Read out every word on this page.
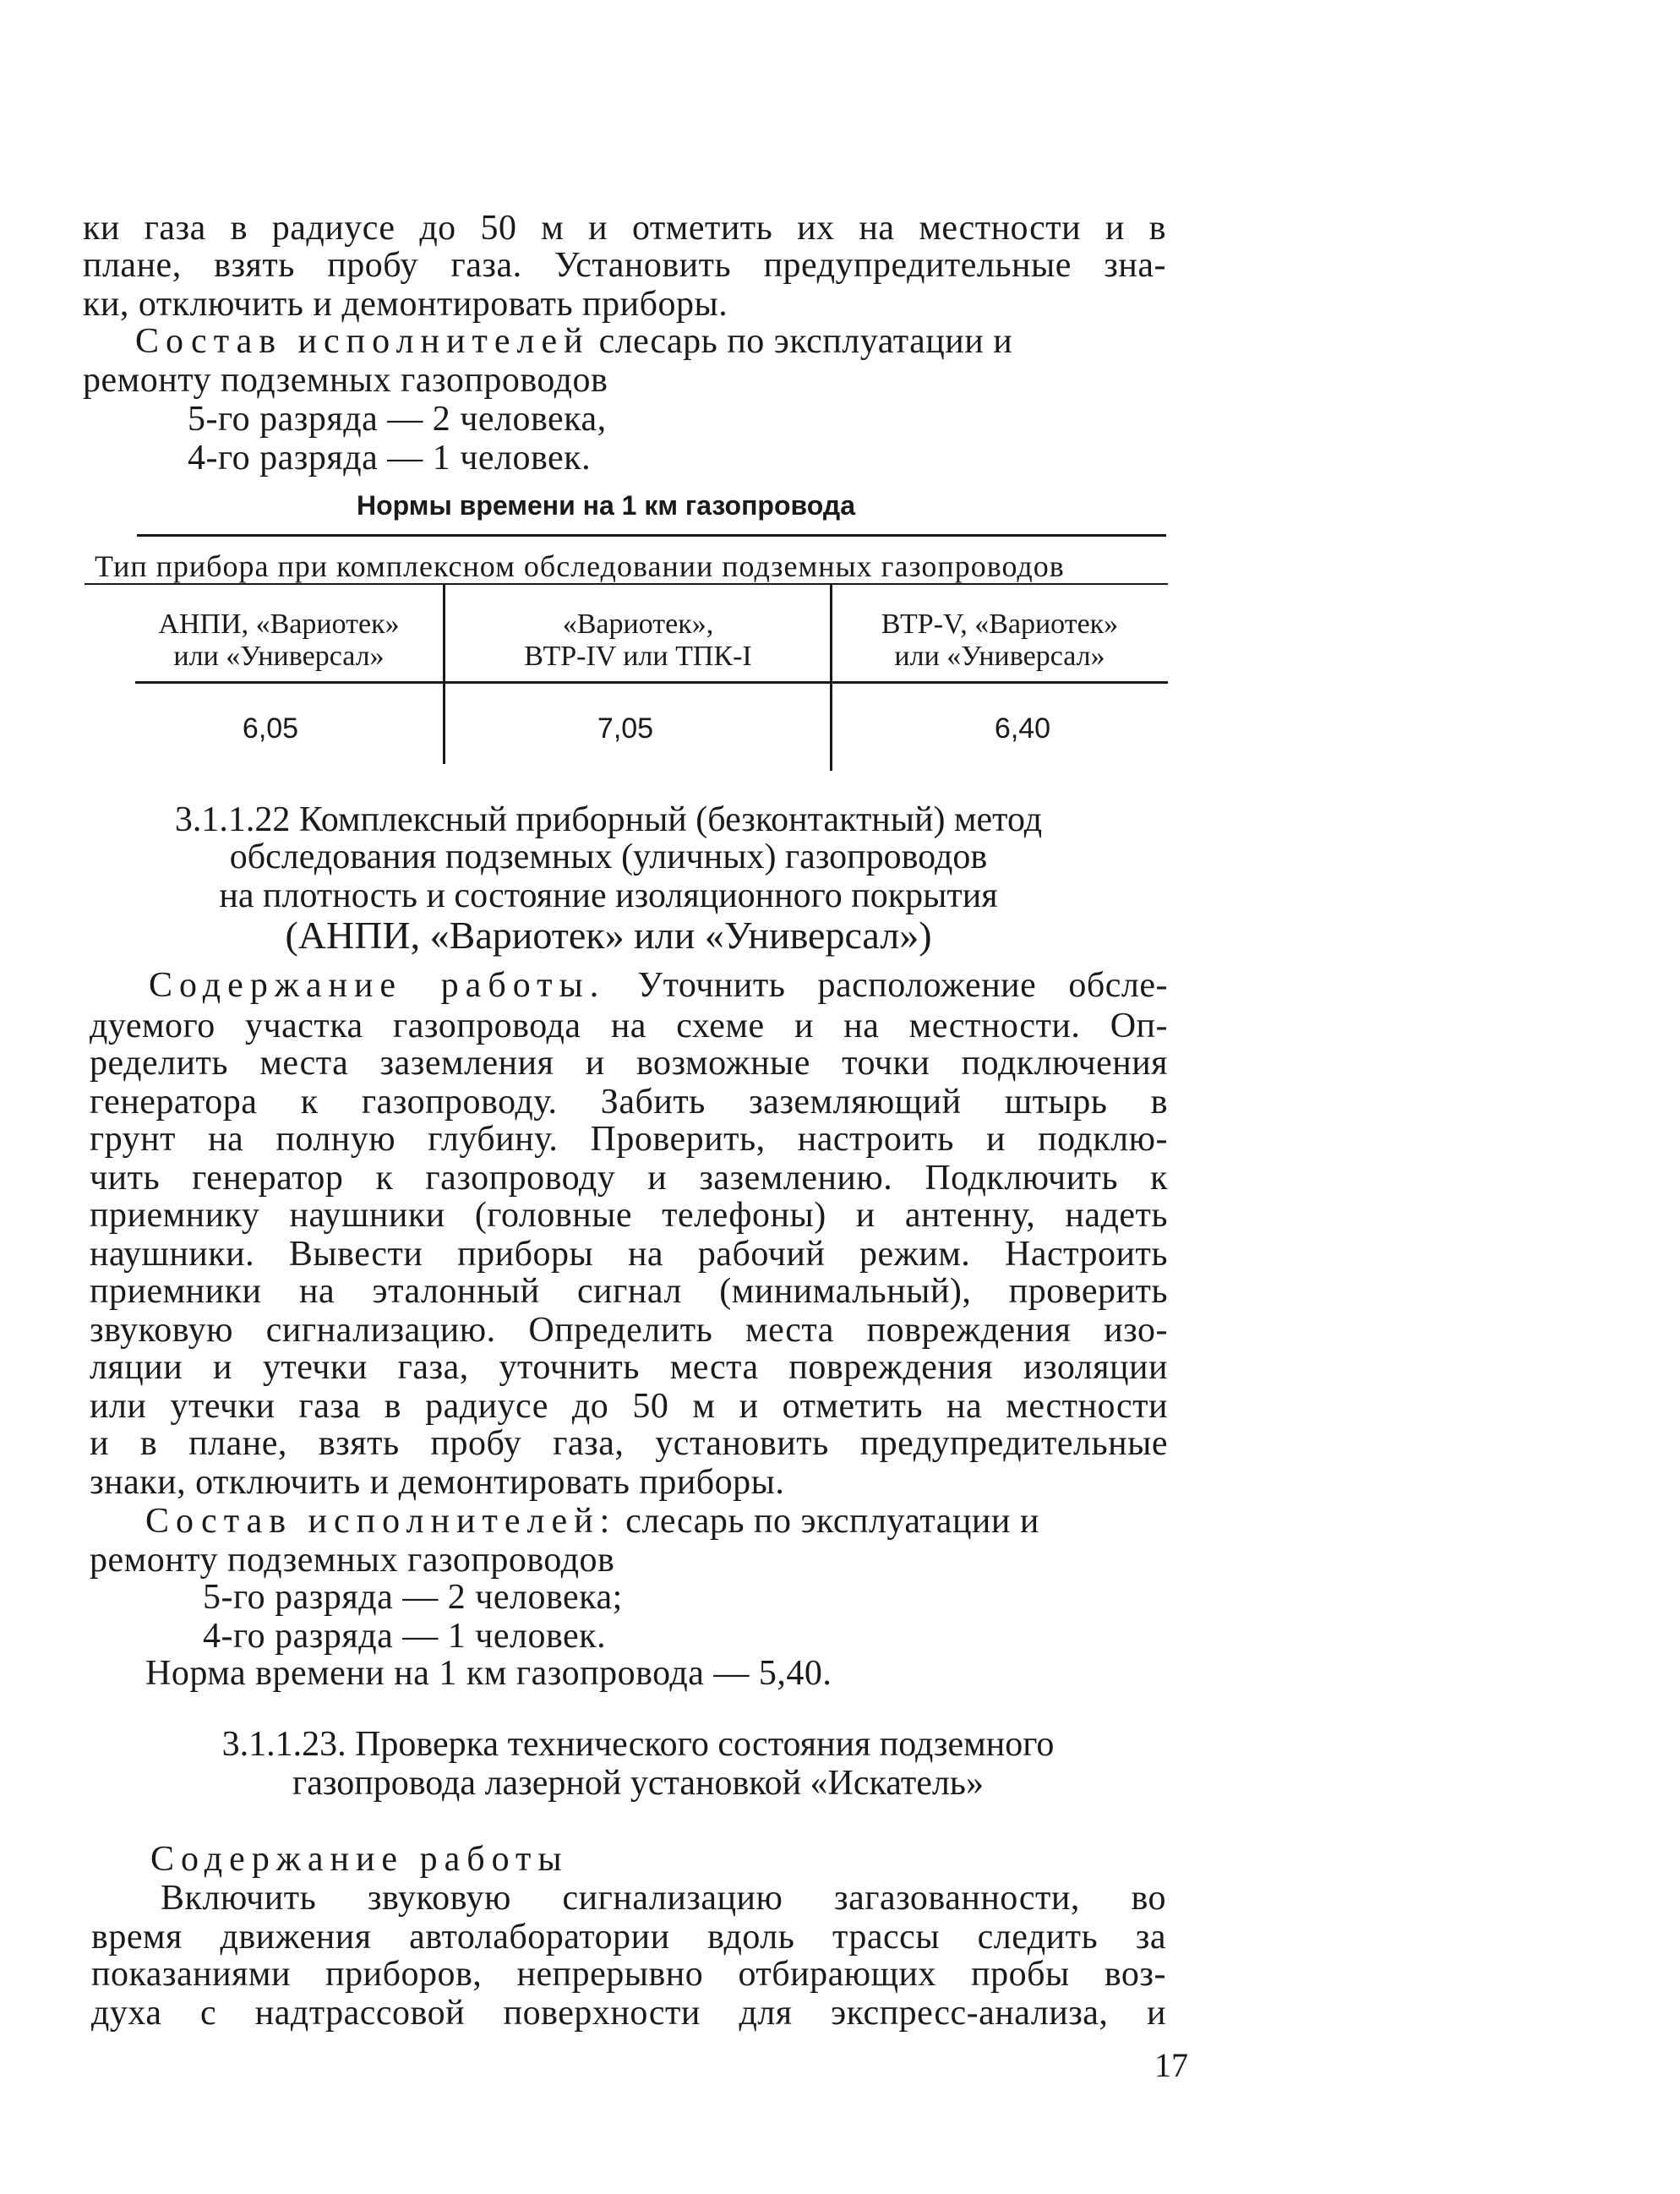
ки газа в радиусе до 50 м и отметить их на местности и в
плане, взять пробу газа. Установить предупредительные зна-
ки, отключить и демонтировать приборы.
Состав исполнителей слесарь по эксплуатации и
ремонту подземных газопроводов
5-го разряда — 2 человека,
4-го разряда — 1 человек.
Нормы времени на 1 км газопровода
Тип прибора при комплексном обследовании подземных газопроводов
АНПИ, «Вариотек»
или «Универсал»
«Вариотек»,
ВТР-IV или ТПК-I
ВТР-V, «Вариотек»
или «Универсал»
6,05	7,05	6,40
3.1.1.22 Комплексный приборный (безконтактный) метод
обследования подземных (уличных) газопроводов
на плотность и состояние изоляционного покрытия
(АНПИ, «Вариотек» или «Универсал»)
Содержание работы. Уточнить расположение обсле-
дуемого участка газопровода на схеме и на местности. Оп-
ределить места заземления и возможные точки подключения
генератора к газопроводу. Забить заземляющий штырь в
грунт на полную глубину. Проверить, настроить и подклю-
чить генератор к газопроводу и заземлению. Подключить к
приемнику наушники (головные телефоны) и антенну, надеть
наушники. Вывести приборы на рабочий режим. Настроить
приемники на эталонный сигнал (минимальный), проверить
звуковую сигнализацию. Определить места повреждения изо-
ляции и утечки газа, уточнить места повреждения изоляции
или утечки газа в радиусе до 50 м и отметить на местности
и в плане, взять пробу газа, установить предупредительные
знаки, отключить и демонтировать приборы.
Состав исполнителей: слесарь по эксплуатации и
ремонту подземных газопроводов
5-го разряда — 2 человека;
4-го разряда — 1 человек.
Норма времени на 1 км газопровода — 5,40.
3.1.1.23. Проверка технического состояния подземного
газопровода лазерной установкой «Искатель»
Содержание работы
Включить звуковую сигнализацию загазованности, во
время движения автолаборатории вдоль трассы следить за
показаниями приборов, непрерывно отбирающих пробы воз-
духа с надтрассовой поверхности для экспресс-анализа, и
17
